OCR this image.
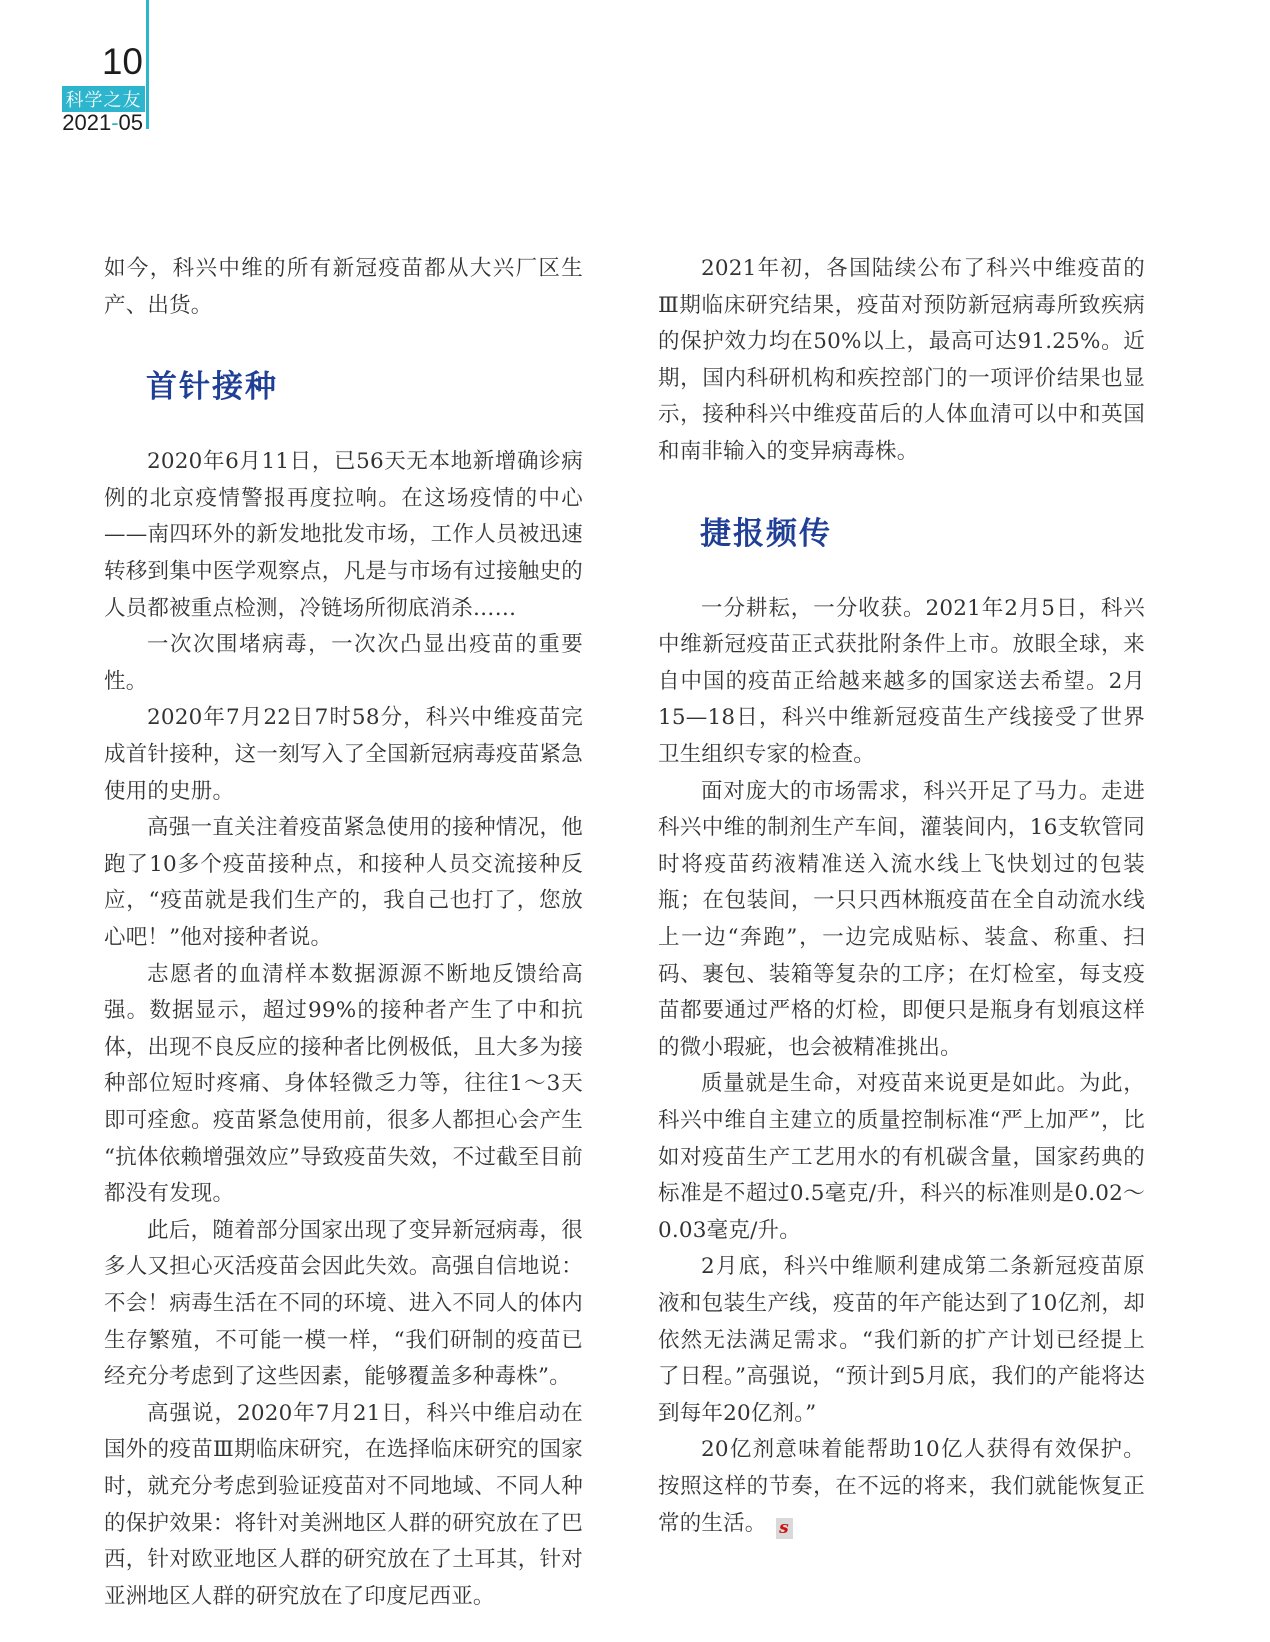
10
科学之友
2021-05

如今，科兴中维的所有新冠疫苗都从大兴厂区生产、出货。

首针接种

2020年6月11日，已56天无本地新增确诊病例的北京疫情警报再度拉响。在这场疫情的中心——南四环外的新发地批发市场，工作人员被迅速转移到集中医学观察点，凡是与市场有过接触史的人员都被重点检测，冷链场所彻底消杀……

一次次围堵病毒，一次次凸显出疫苗的重要性。

2020年7月22日7时58分，科兴中维疫苗完成首针接种，这一刻写入了全国新冠病毒疫苗紧急使用的史册。

高强一直关注着疫苗紧急使用的接种情况，他跑了10多个疫苗接种点，和接种人员交流接种反应，“疫苗就是我们生产的，我自己也打了，您放心吧！”他对接种者说。

志愿者的血清样本数据源源不断地反馈给高强。数据显示，超过99%的接种者产生了中和抗体，出现不良反应的接种者比例极低，且大多为接种部位短时疼痛、身体轻微乏力等，往往1～3天即可痊愈。疫苗紧急使用前，很多人都担心会产生“抗体依赖增强效应”导致疫苗失效，不过截至目前都没有发现。

此后，随着部分国家出现了变异新冠病毒，很多人又担心灭活疫苗会因此失效。高强自信地说：不会！病毒生活在不同的环境、进入不同人的体内生存繁殖，不可能一模一样，“我们研制的疫苗已经充分考虑到了这些因素，能够覆盖多种毒株”。

高强说，2020年7月21日，科兴中维启动在国外的疫苗Ⅲ期临床研究，在选择临床研究的国家时，就充分考虑到验证疫苗对不同地域、不同人种的保护效果：将针对美洲地区人群的研究放在了巴西，针对欧亚地区人群的研究放在了土耳其，针对亚洲地区人群的研究放在了印度尼西亚。

2021年初，各国陆续公布了科兴中维疫苗的Ⅲ期临床研究结果，疫苗对预防新冠病毒所致疾病的保护效力均在50%以上，最高可达91.25%。近期，国内科研机构和疾控部门的一项评价结果也显示，接种科兴中维疫苗后的人体血清可以中和英国和南非输入的变异病毒株。

捷报频传

一分耕耘，一分收获。2021年2月5日，科兴中维新冠疫苗正式获批附条件上市。放眼全球，来自中国的疫苗正给越来越多的国家送去希望。2月15—18日，科兴中维新冠疫苗生产线接受了世界卫生组织专家的检查。

面对庞大的市场需求，科兴开足了马力。走进科兴中维的制剂生产车间，灌装间内，16支软管同时将疫苗药液精准送入流水线上飞快划过的包装瓶；在包装间，一只只西林瓶疫苗在全自动流水线上一边“奔跑”，一边完成贴标、装盒、称重、扫码、裹包、装箱等复杂的工序；在灯检室，每支疫苗都要通过严格的灯检，即便只是瓶身有划痕这样的微小瑕疵，也会被精准挑出。

质量就是生命，对疫苗来说更是如此。为此，科兴中维自主建立的质量控制标准“严上加严”，比如对疫苗生产工艺用水的有机碳含量，国家药典的标准是不超过0.5毫克/升，科兴的标准则是0.02～0.03毫克/升。

2月底，科兴中维顺利建成第二条新冠疫苗原液和包装生产线，疫苗的年产能达到了10亿剂，却依然无法满足需求。“我们新的扩产计划已经提上了日程。”高强说，“预计到5月底，我们的产能将达到每年20亿剂。”

20亿剂意味着能帮助10亿人获得有效保护。按照这样的节奏，在不远的将来，我们就能恢复正常的生活。 s
